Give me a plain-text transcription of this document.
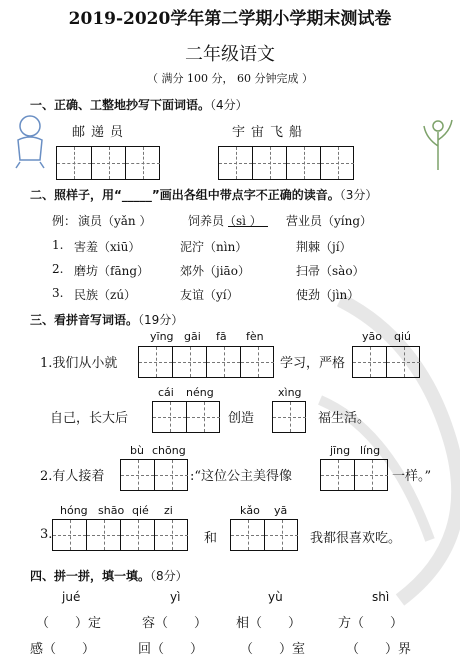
2019-2020学年第二学期小学期末测试卷
二年级语文
（ 满分 100 分， 60 分钟完成 ）
一、正确、工整地抄写下面词语。（4分）
邮递员	宇宙飞船
二、照样子，用“_____”画出各组中带点字不正确的读音。（3分）
例： 演员（yǎn ）	饲养员（sì ） 营业员（yíng）
1. 害羞（xiū）	泥泞（nìn）	荆棘（jí）
2. 磨坊（fāng）	郊外（jiāo）	扫帚（sào）
3. 民族（zú）	友谊（yí）	使劲（jìn）
三、看拼音写词语。（19分）
yīng gāi fā fèn	yāo qiú
1.我们从小就	学习，严格
cái néng	xìng
自己，长大后	创造	福生活。
bù chōng	jīng líng
2.有人接着	:“这位公主美得像	一样。”
hóng shāo qié zi	kǎo yā
3.	和	我都很喜欢吃。
四、拼一拼，填一填。（8分）
jué	yì	yù	shì
（　　）定	容（　　） 相（　　）	方（　　）
感（　　）	回（　　）	（　　）室	（　　）界
